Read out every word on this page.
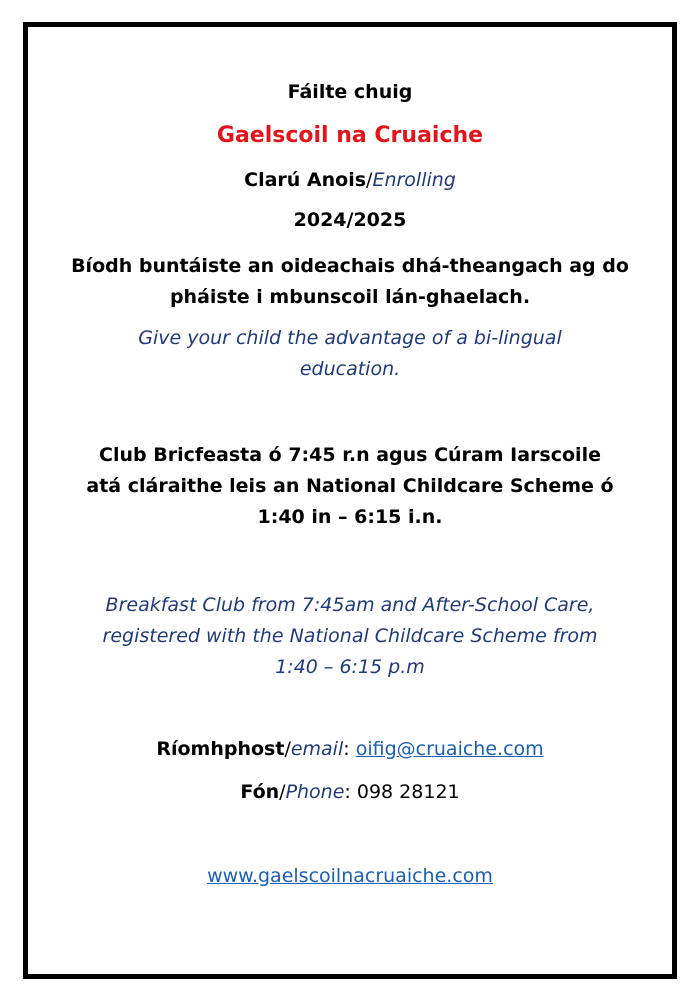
Fáilte chuig
Gaelscoil na Cruaiche
Clarú Anois/Enrolling
2024/2025
Bíodh buntáiste an oideachais dhá-theangach ag do
pháiste i mbunscoil lán-ghaelach.
Give your child the advantage of a bi-lingual
education.
Club Bricfeasta ó 7:45 r.n agus Cúram Iarscoile
atá cláraithe leis an National Childcare Scheme ó
1:40 in – 6:15 i.n.
Breakfast Club from 7:45am and After-School Care,
registered with the National Childcare Scheme from
1:40 – 6:15 p.m
Ríomhphost/email: oifig@cruaiche.com
Fón/Phone: 098 28121
www.gaelscoilnacruaiche.com
